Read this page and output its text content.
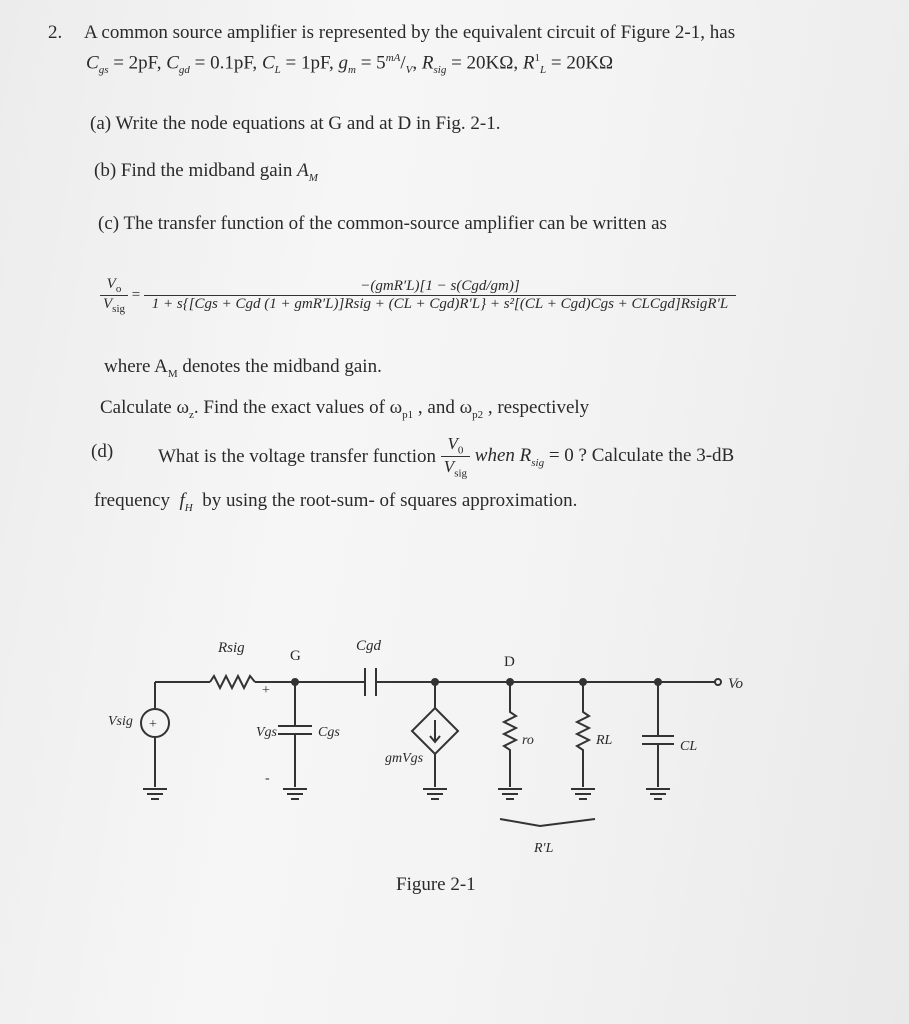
2. A common source amplifier is represented by the equivalent circuit of Figure 2-1, has
$C_{gs} = 2pF$, $C_{gd} = 0.1pF$, $C_L = 1pF$, $g_m = 5^{mA}/_V$, $R_{sig} = 20K\Omega$, $R^1_L = 20K\Omega$
(a) Write the node equations at G and at D in Fig. 2-1.
(b) Find the midband gain $A_M$
(c) The transfer function of the common-source amplifier can be written as
$\frac{V_o}{V_{sig}}$ =
−(gmR′L)[1 − s(Cgd/gm)]
1 + s{[Cgs + Cgd (1 + gmR′L)]Rsig + (CL + Cgd)R′L} + s²[(CL + Cgd)Cgs + CLCgd]RsigR′L
where $A_M$ denotes the midband gain.
Calculate $\omega_z$. Find the exact values of $\omega_{p1}$ , and $\omega_{p2}$ , respectively
(d) What is the voltage transfer function $\frac{V_0}{V_{sig}}$ when $R_{sig} = 0$ ? Calculate the 3-dB
frequency $f_H$ by using the root-sum- of squares approximation.
+
Vsig
Rsig	G
+
Vgs
-
Cgs
Cgd
gmVgs
D
ro	RL	CL
Vo
R′L
Figure 2-1
